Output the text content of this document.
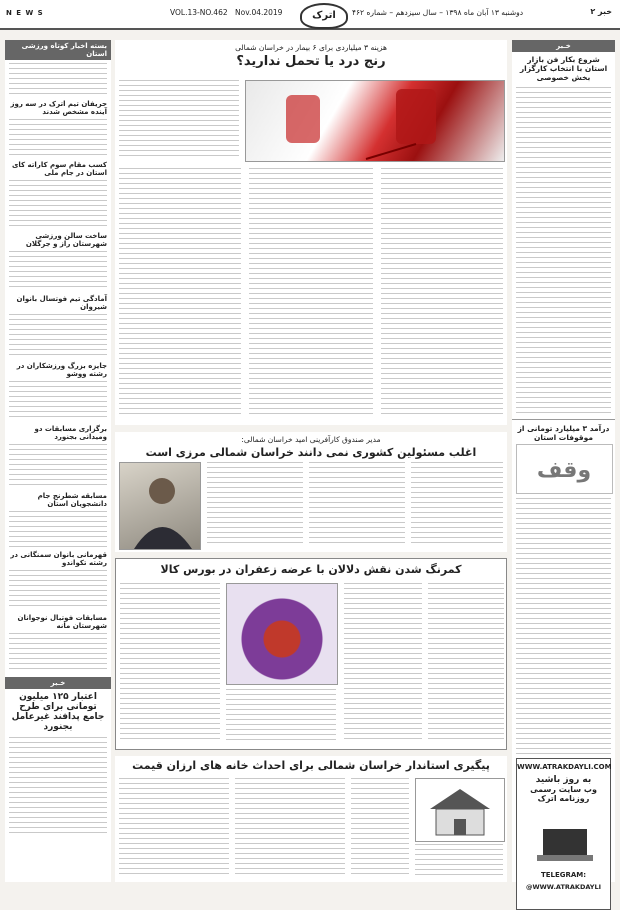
N E W S	VOL.13-NO.462 Nov.04.2019	اترک	دوشنبه ۱۳ آبان ماه ۱۳۹۸ – سال سیزدهم – شماره ۴۶۲	خبر ۲
بسته اخبار کوتاه ورزشی استان
حریفان تیم اترک در سه روز آینده مشخص شدند
کسب مقام سوم کاراته کای استان در جام ملی
ساخت سالن ورزشی شهرستان راز و جرگلان
آمادگی تیم فوتسال بانوان شیروان
جایزه بزرگ ورزشکاران در رشته ووشو
برگزاری مسابقات دو ومیدانی بجنورد
مسابقه شطرنج جام دانشجویان استان
قهرمانی بانوان سمنگانی در رشته تکواندو
مسابقات فوتبال نوجوانان شهرستان مانه
خـبر
اعتبار ۱۲۵ میلیون تومانی برای طرح جامع پدافند غیرعامل بجنورد
هزینه ۳ میلیاردی برای ۶ بیمار در خراسان شمالی
رنج درد یا تحمل ندارید؟
مدیر صندوق کارآفرینی امید خراسان شمالی:
اغلب مسئولین کشوری نمی دانند خراسان شمالی مرزی است
کمرنگ شدن نقش دلالان با عرضه زعفران در بورس کالا
پیگیری استاندار خراسان شمالی برای احداث خانه های ارزان قیمت
خـبر
شروع بکار فن بازار استان با انتخاب کارگزار بخش خصوصی
درآمد ۳ میلیارد تومانی از موقوفات استان
وقف
WWW.ATRAKDAYLI.COM
به روز باشید
وب سایت رسمی روزنامه اترک
TELEGRAM:
@WWW.ATRAKDAYLI
